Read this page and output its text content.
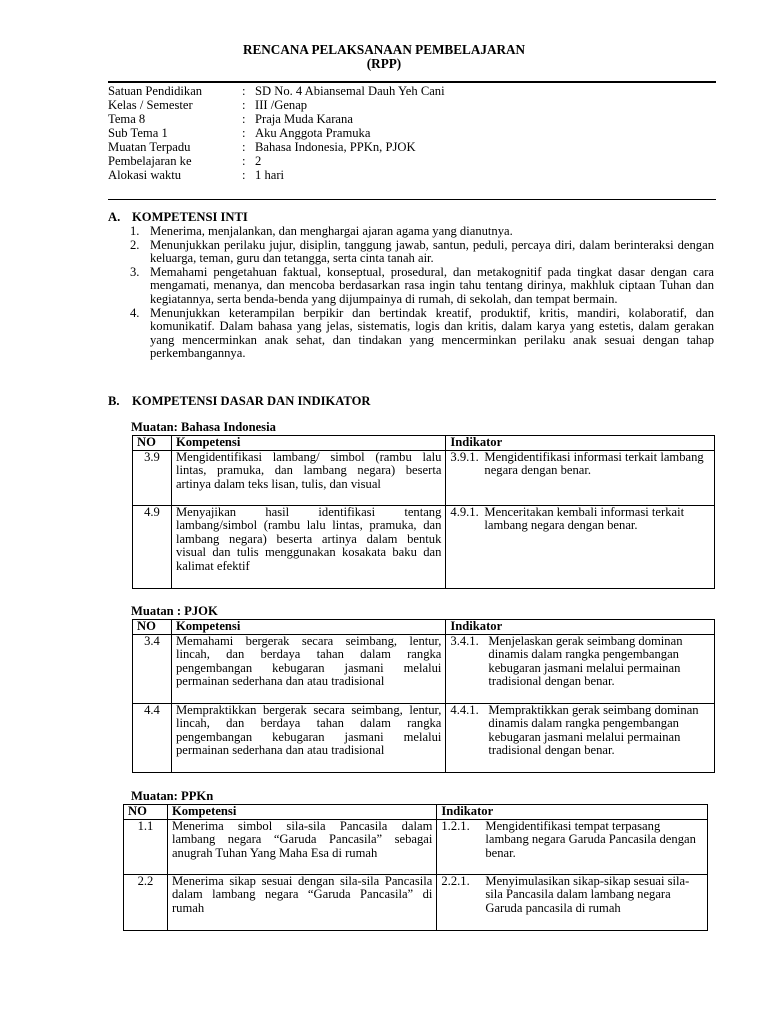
RENCANA PELAKSANAAN PEMBELAJARAN
(RPP)
Satuan Pendidikan	: SD No. 4 Abiansemal Dauh Yeh Cani
Kelas / Semester	: III /Genap
Tema 8	: Praja Muda Karana
Sub Tema 1	: Aku Anggota Pramuka
Muatan Terpadu	: Bahasa Indonesia, PPKn, PJOK
Pembelajaran ke	: 2
Alokasi waktu	: 1 hari
A. KOMPETENSI INTI
1. Menerima, menjalankan, dan menghargai ajaran agama yang dianutnya.
2. Menunjukkan perilaku jujur, disiplin, tanggung jawab, santun, peduli, percaya diri, dalam berinteraksi dengan keluarga, teman, guru dan tetangga, serta cinta tanah air.
3. Memahami pengetahuan faktual, konseptual, prosedural, dan metakognitif pada tingkat dasar dengan cara mengamati, menanya, dan mencoba berdasarkan rasa ingin tahu tentang dirinya, makhluk ciptaan Tuhan dan kegiatannya, serta benda-benda yang dijumpainya di rumah, di sekolah, dan tempat bermain.
4. Menunjukkan keterampilan berpikir dan bertindak kreatif, produktif, kritis, mandiri, kolaboratif, dan komunikatif. Dalam bahasa yang jelas, sistematis, logis dan kritis, dalam karya yang estetis, dalam gerakan yang mencerminkan anak sehat, dan tindakan yang mencerminkan perilaku anak sesuai dengan tahap perkembangannya.
B. KOMPETENSI DASAR DAN INDIKATOR
Muatan: Bahasa Indonesia
NO	Kompetensi	Indikator
3.9	Mengidentifikasi lambang/ simbol (rambu lalu lintas, pramuka, dan lambang negara) beserta artinya dalam teks lisan, tulis, dan visual	3.9.1. Mengidentifikasi informasi terkait lambang negara dengan benar.

4.9	Menyajikan hasil identifikasi tentang lambang/simbol (rambu lalu lintas, pramuka, dan lambang negara) beserta artinya dalam bentuk visual dan tulis menggunakan kosakata baku dan kalimat efektif	4.9.1. Menceritakan kembali informasi terkait lambang negara dengan benar.
Muatan : PJOK
NO	Kompetensi	Indikator
3.4	Memahami bergerak secara seimbang, lentur, lincah, dan berdaya tahan dalam rangka pengembangan kebugaran jasmani melalui permainan sederhana dan atau tradisional	3.4.1. Menjelaskan gerak seimbang dominan dinamis dalam rangka pengembangan kebugaran jasmani melalui permainan tradisional dengan benar.

4.4	Mempraktikkan bergerak secara seimbang, lentur, lincah, dan berdaya tahan dalam rangka pengembangan kebugaran jasmani melalui permainan sederhana dan atau tradisional	4.4.1. Mempraktikkan gerak seimbang dominan dinamis dalam rangka pengembangan kebugaran jasmani melalui permainan tradisional dengan benar.
Muatan: PPKn
NO	Kompetensi	Indikator
1.1	Menerima simbol sila-sila Pancasila dalam lambang negara “Garuda Pancasila” sebagai anugrah Tuhan Yang Maha Esa di rumah	1.2.1. Mengidentifikasi tempat terpasang lambang negara Garuda Pancasila dengan benar.

2.2	Menerima sikap sesuai dengan sila-sila Pancasila dalam lambang negara “Garuda Pancasila” di rumah	2.2.1. Menyimulasikan sikap-sikap sesuai sila-sila Pancasila dalam lambang negara Garuda pancasila di rumah
